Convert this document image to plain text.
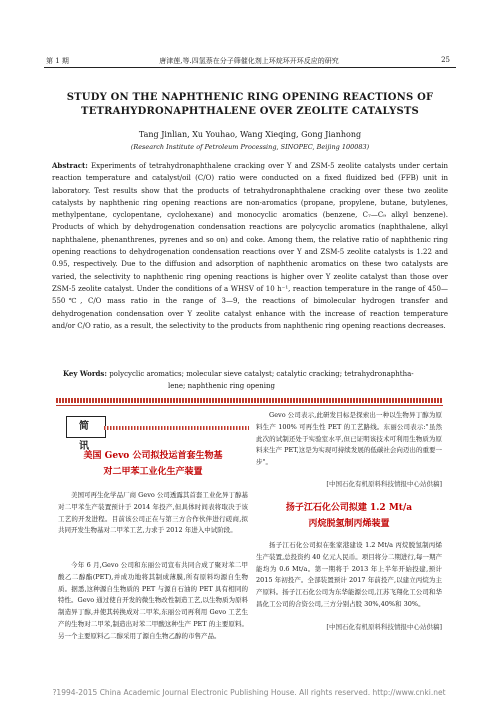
第 1 期	唐津莲,等.四氢萘在分子筛催化剂上环烷环开环反应的研究	25
STUDY ON THE NAPHTHENIC RING OPENING REACTIONS OF
TETRAHYDRONAPHTHALENE OVER ZEOLITE CATALYSTS
Tang Jinlian, Xu Youhao, Wang Xieqing, Gong Jianhong
(Research Institute of Petroleum Processing, SINOPEC, Beijing 100083)
Abstract: Experiments of tetrahydronaphthalene cracking over Y and ZSM-5 zeolite catalysts under certain reaction temperature and catalyst/oil (C/O) ratio were conducted on a fixed fluidized bed (FFB) unit in laboratory. Test results show that the products of tetrahydronaphthalene cracking over these two zeolite catalysts by naphthenic ring opening reactions are non-aromatics (propane, propylene, butane, butylenes, methylpentane, cyclopentane, cyclohexane) and monocyclic aromatics (benzene, C₇—C₉ alkyl benzene). Products of which by dehydrogenation condensation reactions are polycyclic aromatics (naphthalene, alkyl naphthalene, phenanthrenes, pyrenes and so on) and coke. Among them, the relative ratio of naphthenic ring opening reactions to dehydrogenation condensation reactions over Y and ZSM-5 zeolite catalysts is 1.22 and 0.95, respectively. Due to the diffusion and adsorption of naphthenic aromatics on these two catalysts are varied, the selectivity to naphthenic ring opening reactions is higher over Y zeolite catalyst than those over ZSM-5 zeolite catalyst. Under the conditions of a WHSV of 10 h⁻¹, reaction temperature in the range of 450—550℃, C/O mass ratio in the range of 3—9, the reactions of bimolecular hydrogen transfer and dehydrogenation condensation over Y zeolite catalyst enhance with the increase of reaction temperature and/or C/O ratio, as a result, the selectivity to the products from naphthenic ring opening reactions decreases.
Key Words: polycyclic aromatics; molecular sieve catalyst; catalytic cracking; tetrahydronaphtha-
lene; naphthenic ring opening
简讯
美国 Gevo 公司拟投运首套生物基
对二甲苯工业化生产装置
美国可再生化学品厂商 Gevo 公司透露其首套工业化异丁醇基对二甲苯生产装置预计于 2014 年投产,但具体时间表将取决于该工艺的开发进程。目前该公司正在与第三方合作伙伴进行磋商,拟共同开发生物基对二甲苯工艺,力求于 2012 年进入中试阶段。
今年 6 月,Gevo 公司和东丽公司宣布共同合成了聚对苯二甲酸乙二醇酯(PET),并成功地将其制成薄膜,所有原料均源自生物质。据悉,这种源自生物质的 PET 与源自石油的 PET 具有相同的特性。Gevo 通过使自开发的微生物改性制造工艺,以生物质为原料制造异丁醇,并使其转换成对二甲苯,东丽公司再利用 Gevo 工艺生产的生物对二甲苯,制造出对苯二甲酸这种生产 PET 的主要原料。另一个主要原料乙二醇采用了源自生物乙醇的市售产品。
Gevo 公司表示,此研发目标是探索出一种以生物异丁醇为原料生产 100% 可再生性 PET 的工艺路线。东丽公司表示:"虽然此次的试制还处于实验室水平,但已证明该技术可利用生物质为原料来生产 PET,这是为实现可持续发展的低碳社会向迈出的重要一步"。
[中国石化有机原料科技情报中心站供稿]
扬子江石化公司拟建 1.2 Mt/a
丙烷脱氢制丙烯装置
扬子江石化公司拟在张家港建设 1.2 Mt/a 丙烷脱氢制丙烯生产装置,总投资约 40 亿元人民币。项目将分二期进行,每一期产能均为 0.6 Mt/a。第一期将于 2013 年上半年开始投建,预计 2015 年初投产。全部装置预计 2017 年前投产,以建立丙烷为主产原料。扬子江石化公司为东华能源公司,江苏飞翔化工公司和华昌化工公司的合资公司,三方分别占股 30%,40%和 30%。
[中国石化有机原料科技情报中心站供稿]
?1994-2015 China Academic Journal Electronic Publishing House. All rights reserved. http://www.cnki.net
